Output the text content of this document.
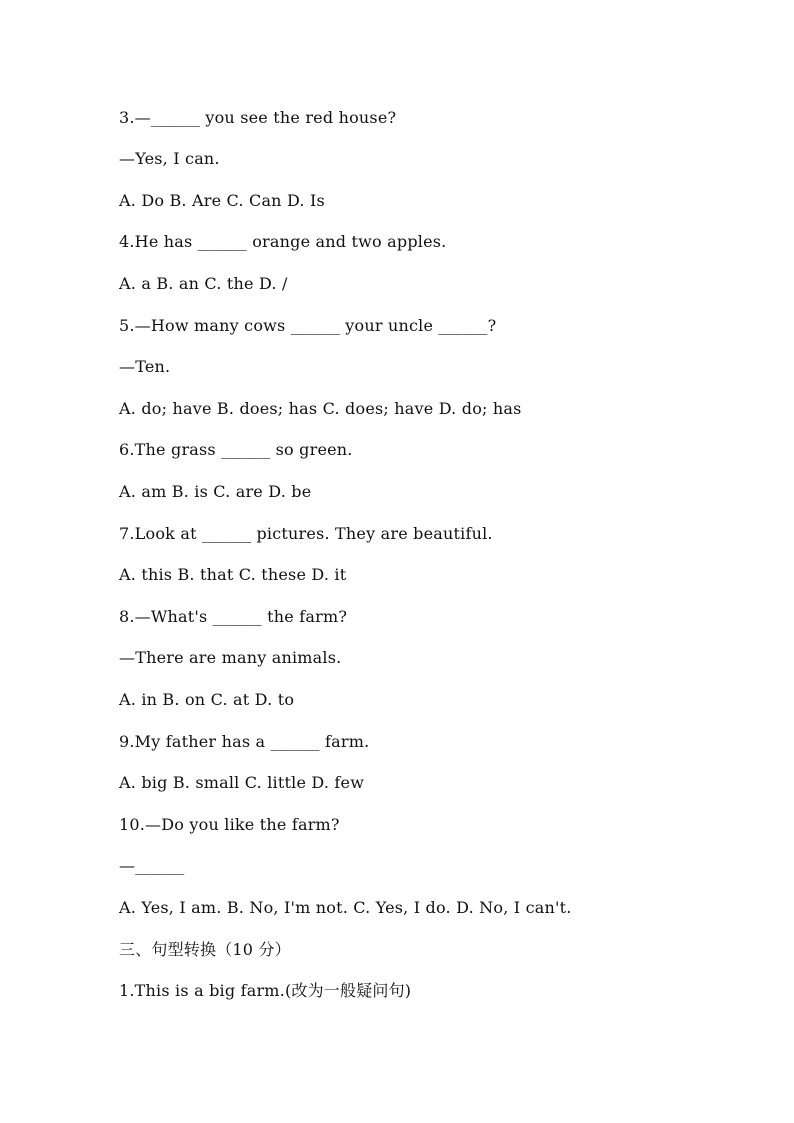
3.—______ you see the red house?
—Yes, I can.
A. Do B. Are C. Can D. Is
4.He has ______ orange and two apples.
A. a B. an C. the D. /
5.—How many cows ______ your uncle ______?
—Ten.
A. do; have B. does; has C. does; have D. do; has
6.The grass ______ so green.
A. am B. is C. are D. be
7.Look at ______ pictures. They are beautiful.
A. this B. that C. these D. it
8.—What's ______ the farm?
—There are many animals.
A. in B. on C. at D. to
9.My father has a ______ farm.
A. big B. small C. little D. few
10.—Do you like the farm?
—______
A. Yes, I am. B. No, I'm not. C. Yes, I do. D. No, I can't.
三、句型转换（10 分）
1.This is a big farm.(改为一般疑问句)
